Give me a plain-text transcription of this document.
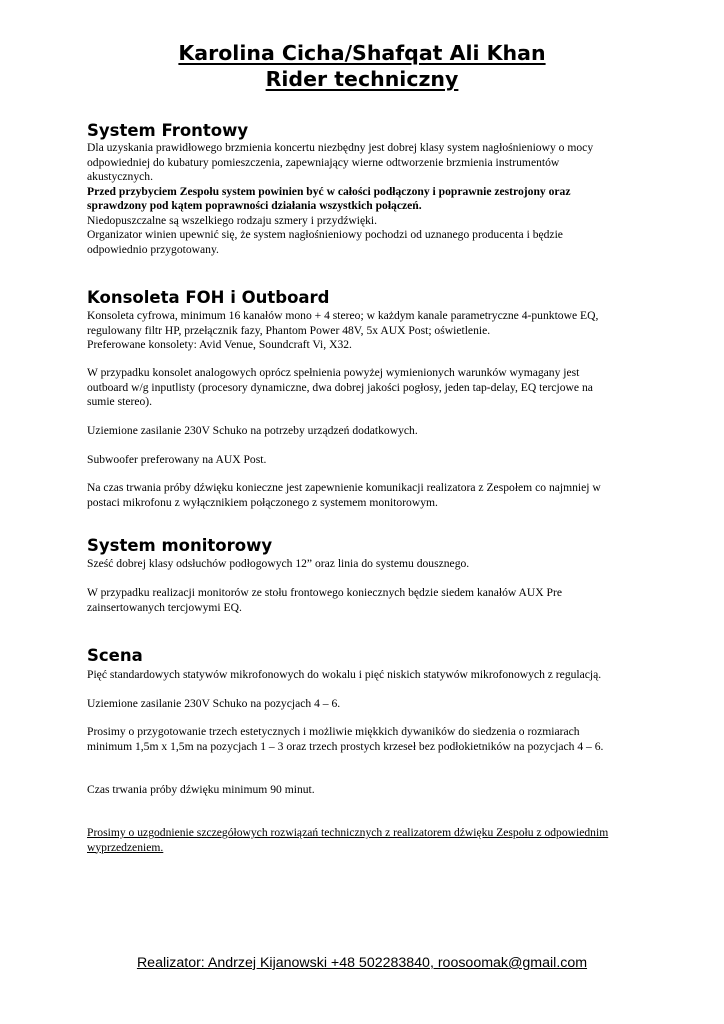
Karolina Cicha/Shafqat Ali Khan
Rider techniczny
System Frontowy
Dla uzyskania prawidłowego brzmienia koncertu niezbędny jest dobrej klasy system nagłośnieniowy o mocy
odpowiedniej do kubatury pomieszczenia, zapewniający wierne odtworzenie brzmienia instrumentów
akustycznych.
Przed przybyciem Zespołu system powinien być w całości podłączony i poprawnie zestrojony oraz
sprawdzony pod kątem poprawności działania wszystkich połączeń.
Niedopuszczalne są wszelkiego rodzaju szmery i przydźwięki.
Organizator winien upewnić się, że system nagłośnieniowy pochodzi od uznanego producenta i będzie
odpowiednio przygotowany.
Konsoleta FOH i Outboard
Konsoleta cyfrowa, minimum 16 kanałów mono + 4 stereo; w każdym kanale parametryczne 4-punktowe EQ,
regulowany filtr HP, przełącznik fazy, Phantom Power 48V, 5x AUX Post; oświetlenie.
Preferowane konsolety: Avid Venue, Soundcraft Vi, X32.
W przypadku konsolet analogowych oprócz spełnienia powyżej wymienionych warunków wymagany jest
outboard w/g inputlisty (procesory dynamiczne, dwa dobrej jakości pogłosy, jeden tap-delay, EQ tercjowe na
sumie stereo).
Uziemione zasilanie 230V Schuko na potrzeby urządzeń dodatkowych.
Subwoofer preferowany na AUX Post.
Na czas trwania próby dźwięku konieczne jest zapewnienie komunikacji realizatora z Zespołem co najmniej w
postaci mikrofonu z wyłącznikiem połączonego z systemem monitorowym.
System monitorowy
Sześć dobrej klasy odsłuchów podłogowych 12” oraz linia do systemu dousznego.
W przypadku realizacji monitorów ze stołu frontowego koniecznych będzie siedem kanałów AUX Pre
zainsertowanych tercjowymi EQ.
Scena
Pięć standardowych statywów mikrofonowych do wokalu i pięć niskich statywów mikrofonowych z regulacją.
Uziemione zasilanie 230V Schuko na pozycjach 4 – 6.
Prosimy o przygotowanie trzech estetycznych i możliwie miękkich dywaników do siedzenia o rozmiarach
minimum 1,5m x 1,5m na pozycjach 1 – 3 oraz trzech prostych krzeseł bez podłokietników na pozycjach 4 – 6.
Czas trwania próby dźwięku minimum 90 minut.
Prosimy o uzgodnienie szczegółowych rozwiązań technicznych z realizatorem dźwięku Zespołu z odpowiednim
wyprzedzeniem.

Realizator: Andrzej Kijanowski +48 502283840, roosoomak@gmail.com
